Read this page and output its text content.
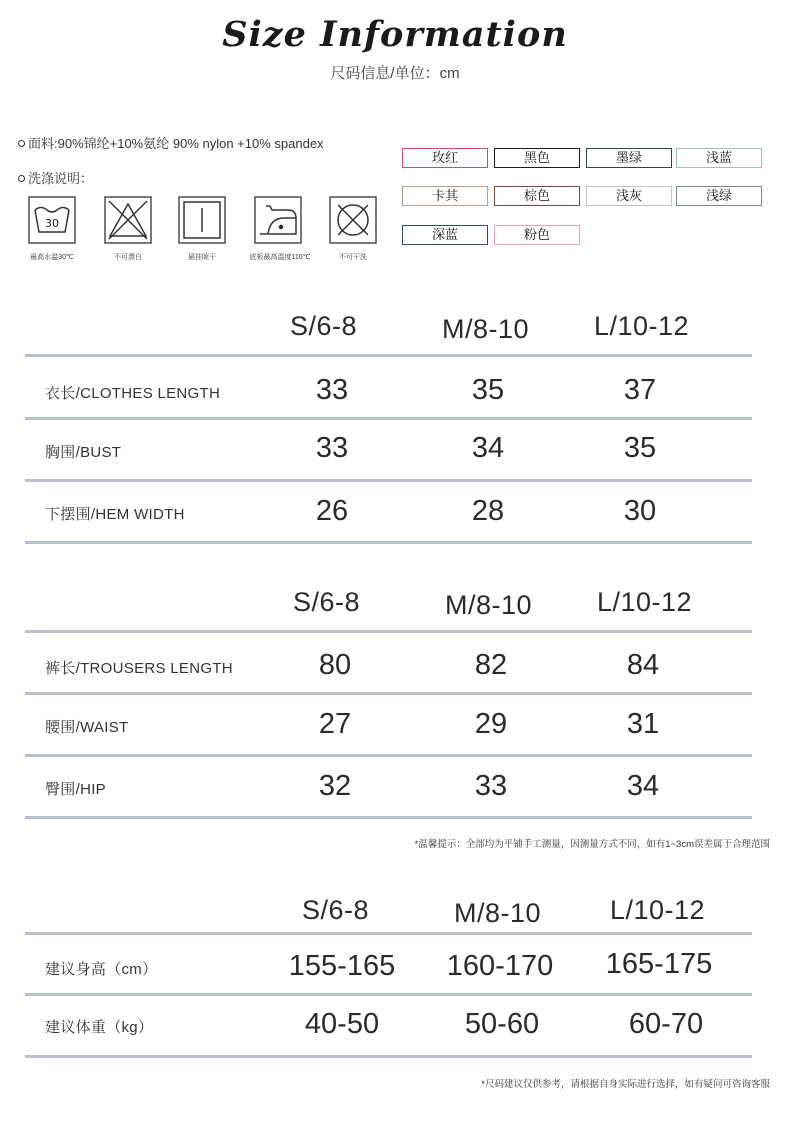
Size Information
尺码信息/单位：cm
面料:90%锦纶+10%氨纶 90% nylon +10% spandex
洗涤说明：
30
最高水温30℃	不可漂白	悬挂晾干	底板最高温度110℃	不可干洗
玫红	黑色	墨绿	浅蓝
卡其	棕色	浅灰	浅绿
深蓝	粉色
S/6-8	M/8-10 L/10-12
衣长/CLOTHES LENGTH	33	35	37
胸围/BUST	33	34	35
下摆围/HEM WIDTH	26	28	30
S/6-8	M/8-10 L/10-12
裤长/TROUSERS LENGTH	80	82	84
腰围/WAIST	27	29	31
臀围/HIP	32	33	34
*温馨提示：全部均为平铺手工测量，因测量方式不同，如有1~3cm误差属于合理范围
S/6-8	M/8-10	L/10-12
建议身高（cm）	155-165 160-170 165-175
建议体重（kg）	40-50	50-60	60-70
*尺码建议仅供参考，请根据自身实际进行选择，如有疑问可咨询客服
